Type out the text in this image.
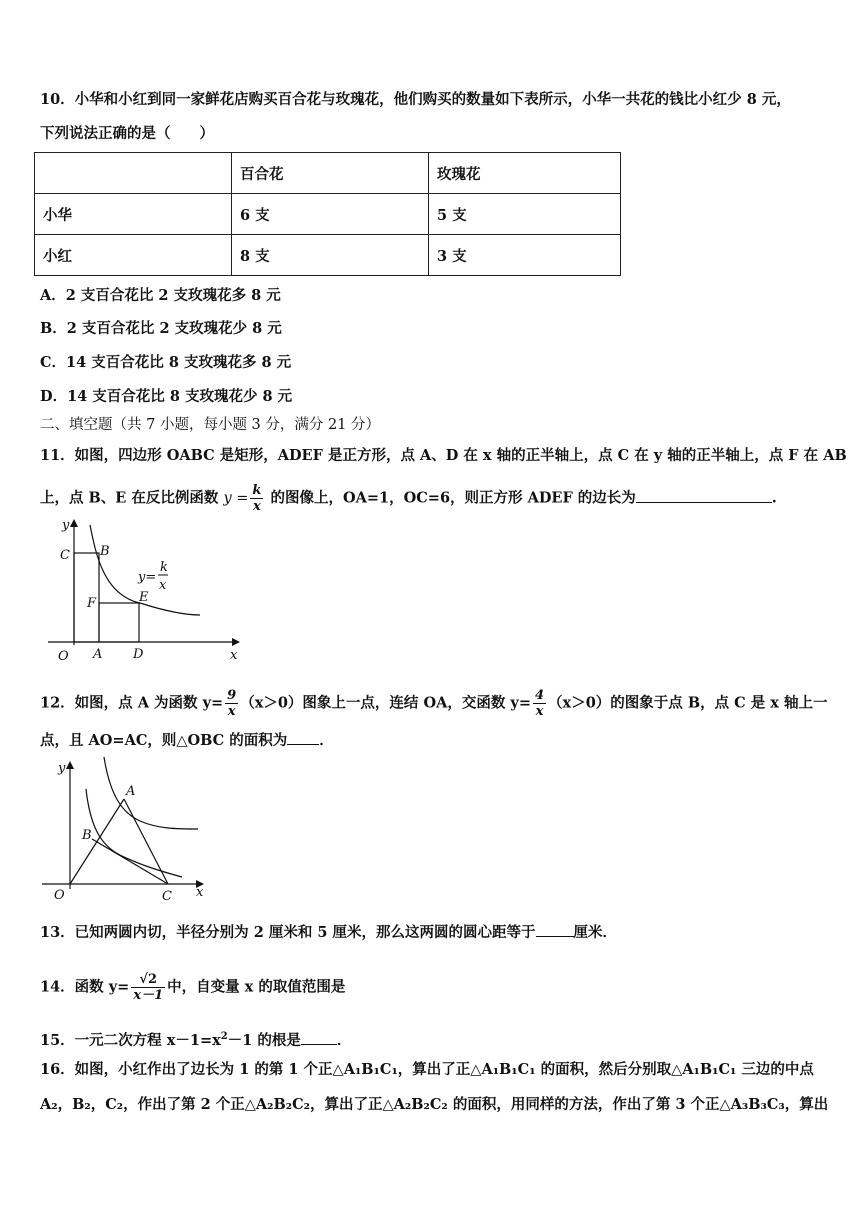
10．小华和小红到同一家鲜花店购买百合花与玫瑰花，他们购买的数量如下表所示，小华一共花的钱比小红少 8 元，
下列说法正确的是（　　）
	百合花	玫瑰花
小华	6 支	5 支
小红	8 支	3 支
A．2 支百合花比 2 支玫瑰花多 8 元
B．2 支百合花比 2 支玫瑰花少 8 元
C．14 支百合花比 8 支玫瑰花多 8 元
D．14 支百合花比 8 支玫瑰花少 8 元
二、填空题（共 7 小题，每小题 3 分，满分 21 分）
11．如图，四边形 OABC 是矩形，ADEF 是正方形，点 A、D 在 x 轴的正半轴上，点 C 在 y 轴的正半轴上，点 F 在 AB
上，点 B、E 在反比例函数 $y = \frac{k}{x}$ 的图像上，OA=1，OC=6，则正方形 ADEF 的边长为	.
y
x
O A D
C B
F	E
y=
k
x
12．如图，点 A 为函数 $y= \frac{9}{x} (x>0)$图象上一点，连结 OA，交函数 $y= \frac{4}{x} (x>0)$的图象于点 B，点 C 是 x 轴上一
点，且 AO=AC，则△OBC 的面积为 ．
y
x
O
A
B
C
13．已知两圆内切，半径分别为 2 厘米和 5 厘米，那么这两圆的圆心距等于	厘米．
14．函数 $y= \frac{√2}{x-1}$ 中，自变量 x 的取值范围是
15．一元二次方程 $x-1=x^2-1$ 的根是 ．
16．如图，小红作出了边长为 1 的第 1 个正△A₁B₁C₁，算出了正△A₁B₁C₁ 的面积，然后分别取△A₁B₁C₁ 三边的中点
A₂，B₂，C₂，作出了第 2 个正△A₂B₂C₂，算出了正△A₂B₂C₂ 的面积，用同样的方法，作出了第 3 个正△A₃B₃C₃，算出
